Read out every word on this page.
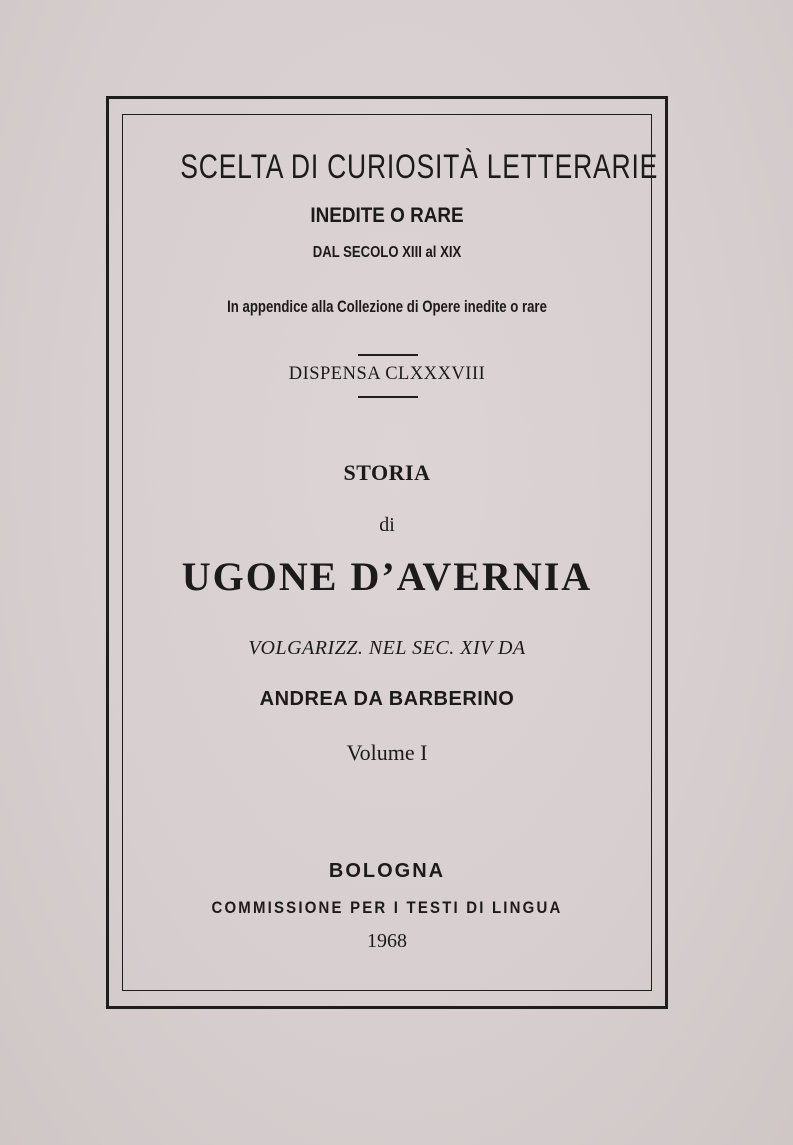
SCELTA DI CURIOSITÀ LETTERARIE
INEDITE O RARE
DAL SECOLO XIII al XIX
In appendice alla Collezione di Opere inedite o rare
DISPENSA CLXXXVIII
STORIA
di
UGONE D’AVERNIA
VOLGARIZZ. NEL SEC. XIV DA
ANDREA DA BARBERINO
Volume I
BOLOGNA
COMMISSIONE PER I TESTI DI LINGUA
1968
